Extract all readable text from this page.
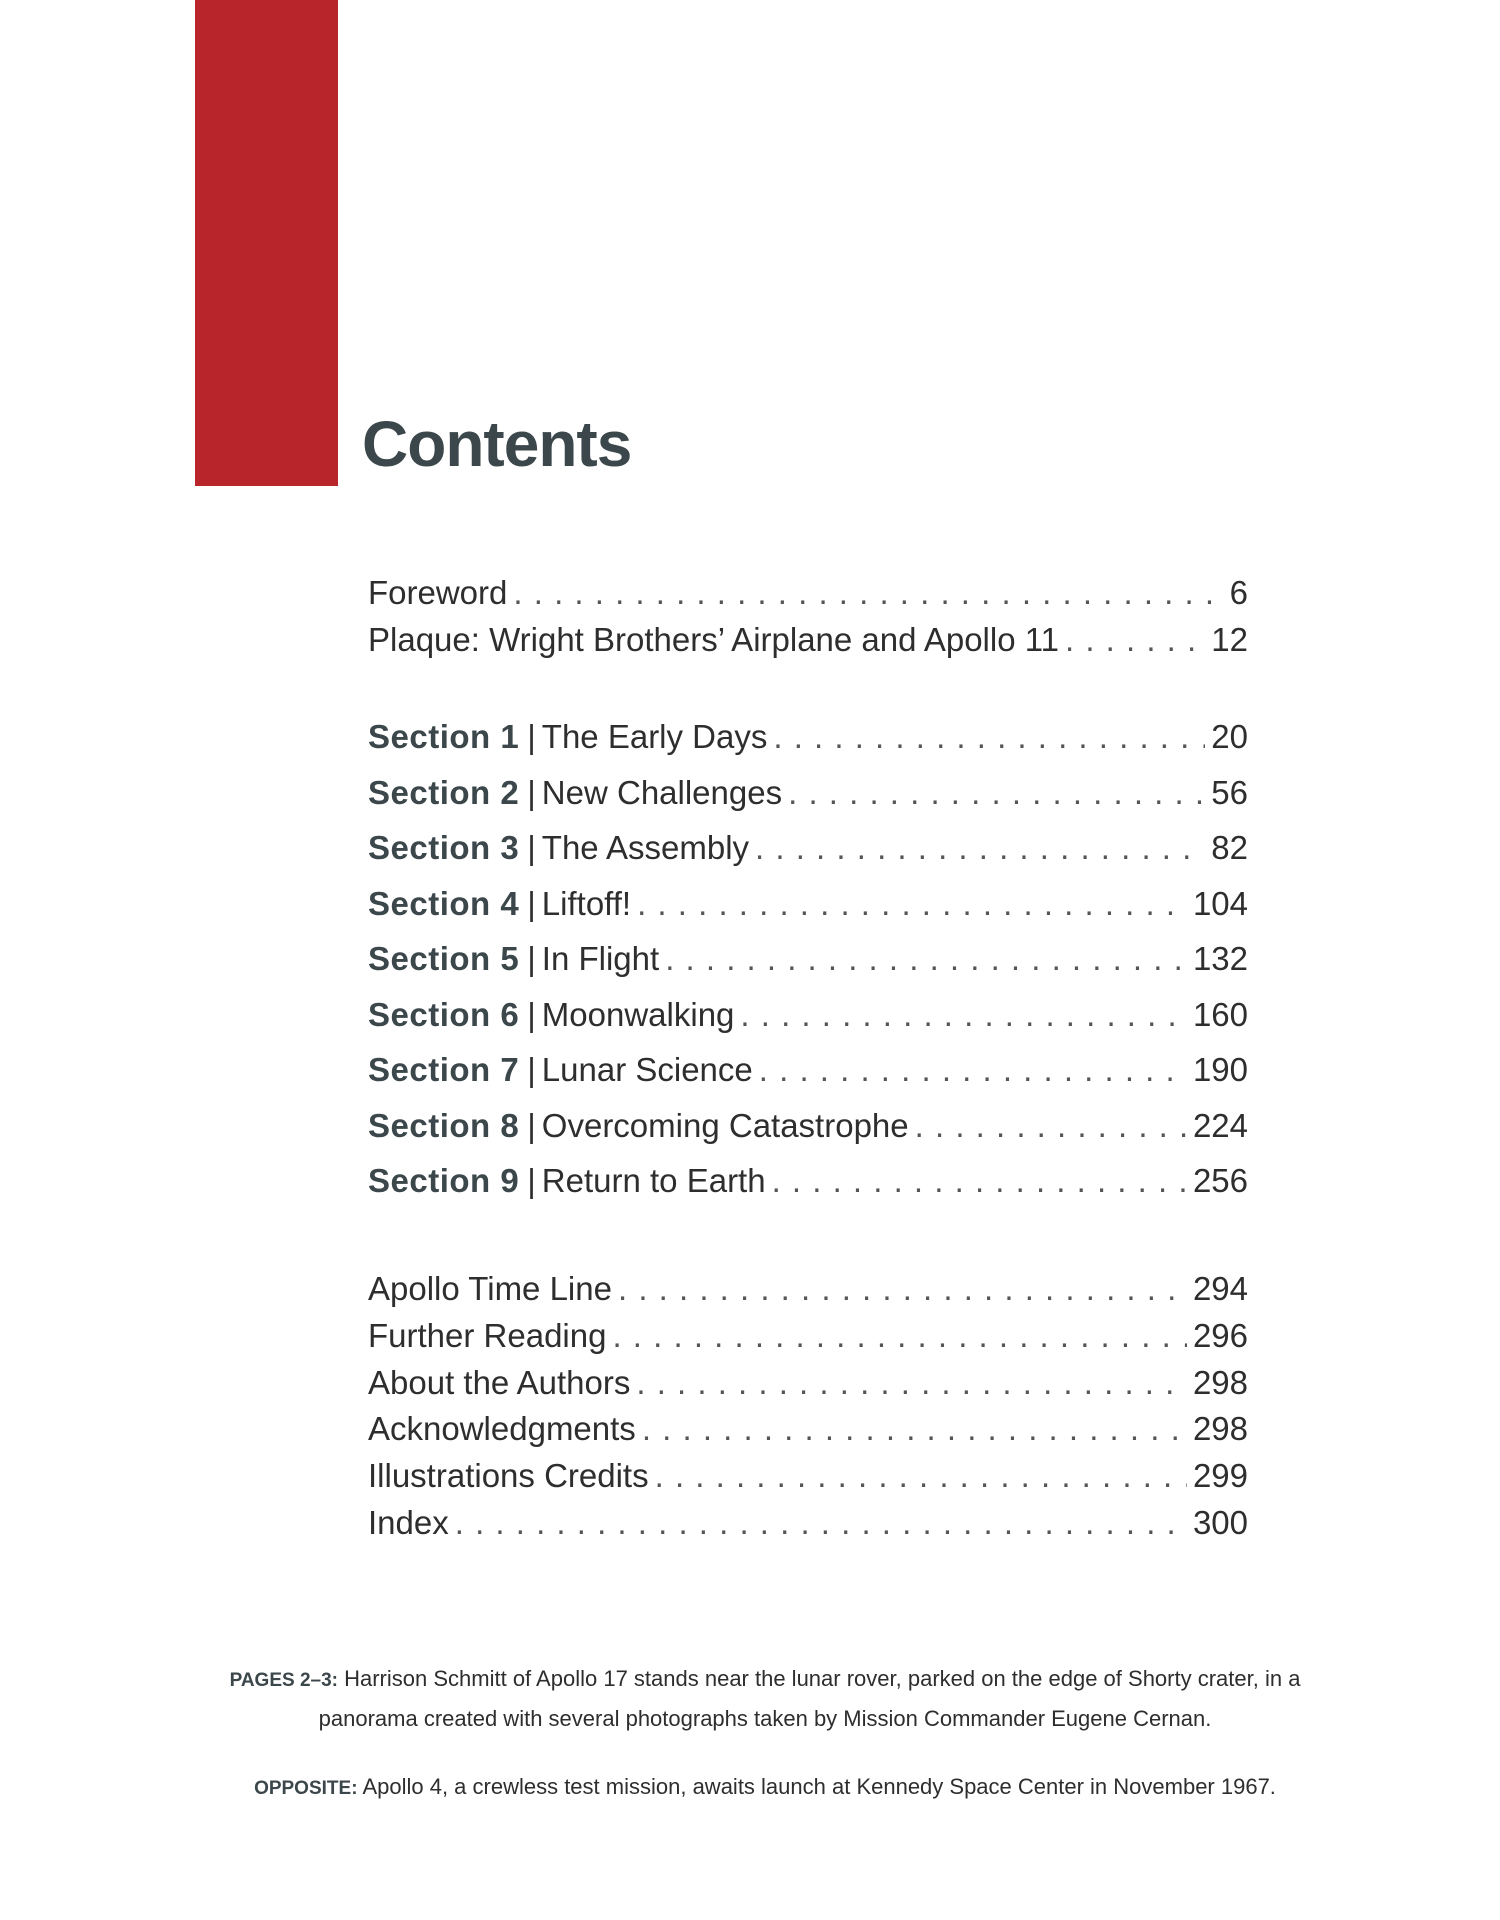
Contents
Foreword . . .	6
Plaque: Wright Brothers’ Airplane and Apollo 11 . . .	12
Section 1 | The Early Days . . .	20
Section 2 | New Challenges . . .	56
Section 3 | The Assembly . . .	82
Section 4 | Liftoff! . . .	104
Section 5 | In Flight . . .	132
Section 6 | Moonwalking . . .	160
Section 7 | Lunar Science . . .	190
Section 8 | Overcoming Catastrophe . . .	224
Section 9 | Return to Earth . . .	256
Apollo Time Line . . .	294
Further Reading . . .	296
About the Authors . . .	298
Acknowledgments . . .	298
Illustrations Credits . . .	299
Index . . .	300

PAGES 2–3: Harrison Schmitt of Apollo 17 stands near the lunar rover, parked on the edge of Shorty crater, in a panorama created with several photographs taken by Mission Commander Eugene Cernan.

OPPOSITE: Apollo 4, a crewless test mission, awaits launch at Kennedy Space Center in November 1967.
